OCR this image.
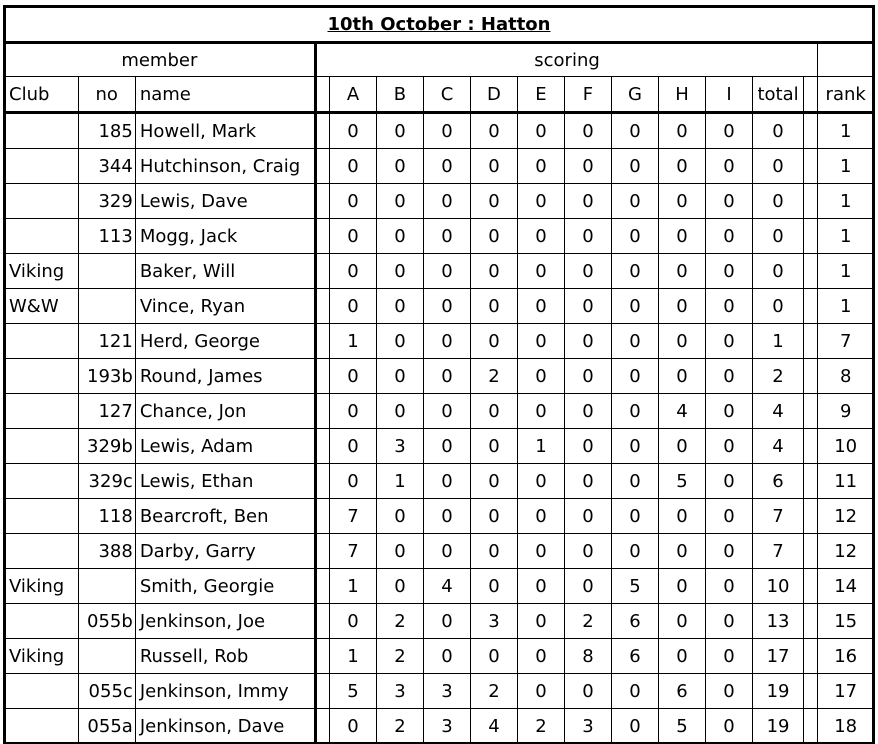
10th October : Hatton															
member			scoring												
Club	no	name		A	B	C	D	E	F	G	H	I	total		rank
	185	Howell, Mark		0	0	0	0	0	0	0	0	0	0		1
	344	Hutchinson, Craig		0	0	0	0	0	0	0	0	0	0		1
	329	Lewis, Dave		0	0	0	0	0	0	0	0	0	0		1
	113	Mogg, Jack		0	0	0	0	0	0	0	0	0	0		1
Viking		Baker, Will		0	0	0	0	0	0	0	0	0	0		1
W&W		Vince, Ryan		0	0	0	0	0	0	0	0	0	0		1
	121	Herd, George		1	0	0	0	0	0	0	0	0	1		7
	193b	Round, James		0	0	0	2	0	0	0	0	0	2		8
	127	Chance, Jon		0	0	0	0	0	0	0	4	0	4		9
	329b	Lewis, Adam		0	3	0	0	1	0	0	0	0	4		10
	329c	Lewis, Ethan		0	1	0	0	0	0	0	5	0	6		11
	118	Bearcroft, Ben		7	0	0	0	0	0	0	0	0	7		12
	388	Darby, Garry		7	0	0	0	0	0	0	0	0	7		12
Viking		Smith, Georgie		1	0	4	0	0	0	5	0	0	10		14
	055b	Jenkinson, Joe		0	2	0	3	0	2	6	0	0	13		15
Viking		Russell, Rob		1	2	0	0	0	8	6	0	0	17		16
	055c	Jenkinson, Immy		5	3	3	2	0	0	0	6	0	19		17
	055a	Jenkinson, Dave		0	2	3	4	2	3	0	5	0	19		18
